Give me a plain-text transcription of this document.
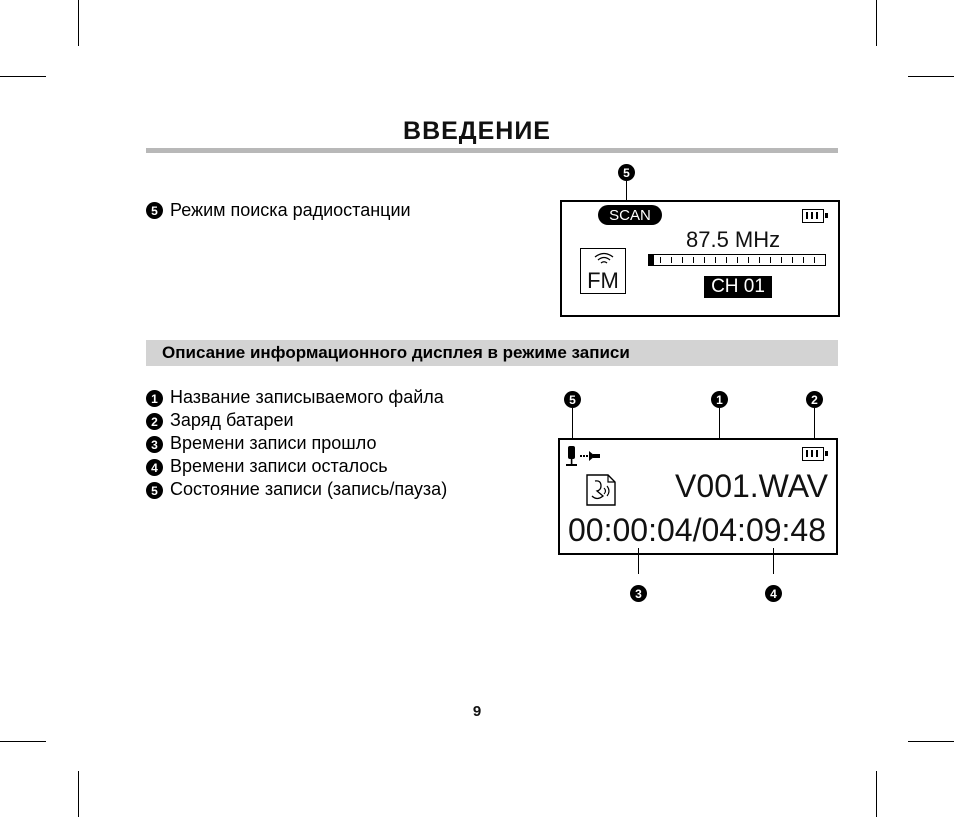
ВВЕДЕНИЕ
5 Режим поиска радиостанции
5
SCAN
87.5 MHz
FM	CH 01
Описание информационного дисплея в режиме записи
1 Название записываемого файла
2 Заряд батареи
3 Времени записи прошло
4 Времени записи осталось
5 Состояние записи (запись/пауза)
5	1	2
V001.WAV
00:00:04/04:09:48
3	4
9
